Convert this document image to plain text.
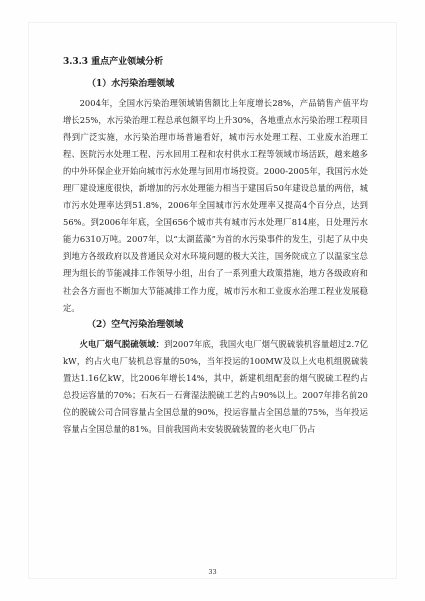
3.3.3 重点产业领域分析
（1）水污染治理领域

2004年，全国水污染治理领域销售额比上年度增长28%，产品销售产值平均增长25%，水污染治理工程总承包额平均上升30%，各地重点水污染治理工程项目得到广泛实施，水污染治理市场普遍看好，城市污水处理工程、工业废水治理工程、医院污水处理工程、污水回用工程和农村供水工程等领域市场活跃，越来越多的中外环保企业开始向城市污水处理与回用市场投资。2000-2005年，我国污水处理厂建设速度很快，新增加的污水处理能力相当于建国后50年建设总量的两倍，城市污水处理率达到51.8%，2006年全国城市污水处理率又提高4个百分点，达到56%。到2006年年底，全国656个城市共有城市污水处理厂814座，日处理污水能力6310万吨。2007年，以“太湖蓝藻”为首的水污染事件的发生，引起了从中央到地方各级政府以及普通民众对水环境问题的极大关注，国务院成立了以温家宝总理为组长的节能减排工作领导小组，出台了一系列重大政策措施，地方各级政府和社会各方面也不断加大节能减排工作力度，城市污水和工业废水治理工程业发展稳定。

（2）空气污染治理领域

火电厂烟气脱硫领域：到2007年底，我国火电厂烟气脱硫装机容量超过2.7亿kW，约占火电厂装机总容量的50%，当年投运的100MW及以上火电机组脱硫装置达1.16亿kW，比2006年增长14%，其中，新建机组配套的烟气脱硫工程约占总投运容量的70%；石灰石－石膏湿法脱硫工艺约占90%以上。2007年排名前20位的脱硫公司合同容量占全国总量的90%，投运容量占全国总量的75%，当年投运容量占全国总量的81%。目前我国尚未安装脱硫装置的老火电厂仍占

33
